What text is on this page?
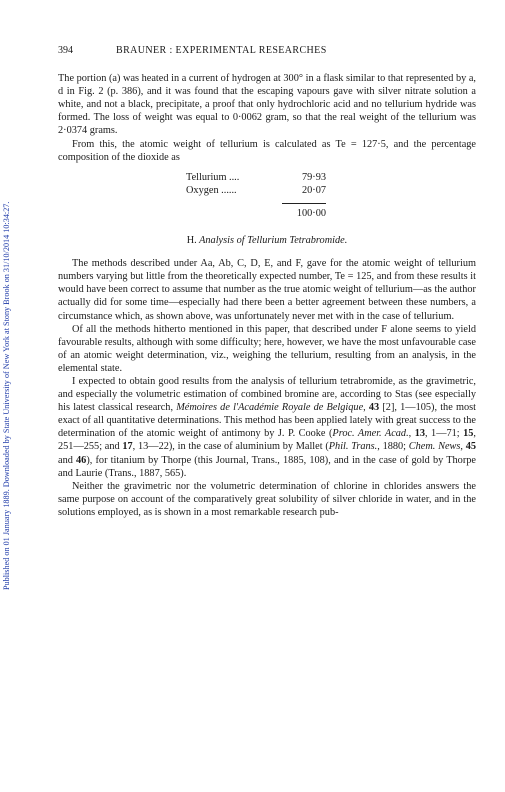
Published on 01 January 1889. Downloaded by State University of New York at Stony Brook on 31/10/2014 10:34:27.
394	BRAUNER : EXPERIMENTAL RESEARCHES

The portion (a) was heated in a current of hydrogen at 300° in a flask similar to that represented by a, d in Fig. 2 (p. 386), and it was found that the escaping vapours gave with silver nitrate solution a white, and not a black, precipitate, a proof that only hydrochloric acid and no tellurium hydride was formed. The loss of weight was equal to 0·0062 gram, so that the real weight of the tellurium was 2·0374 grams.

From this, the atomic weight of tellurium is calculated as Te = 127·5, and the percentage composition of the dioxide as

Tellurium ....	79·93
Oxygen ......	20·07
100·00
H. Analysis of Tellurium Tetrabromide.

The methods described under Aa, Ab, C, D, E, and F, gave for the atomic weight of tellurium numbers varying but little from the theoretically expected number, Te = 125, and from these results it would have been correct to assume that number as the true atomic weight of tellurium—as the author actually did for some time—especially had there been a better agreement between these numbers, a circumstance which, as shown above, was unfortunately never met with in the case of tellurium.

Of all the methods hitherto mentioned in this paper, that described under F alone seems to yield favourable results, although with some difficulty; here, however, we have the most unfavourable case of an atomic weight determination, viz., weighing the tellurium, resulting from an analysis, in the elemental state.

I expected to obtain good results from the analysis of tellurium tetrabromide, as the gravimetric, and especially the volumetric estimation of combined bromine are, according to Stas (see especially his latest classical research, Mémoires de l'Académie Royale de Belgique, 43 [2], 1—105), the most exact of all quantitative determinations. This method has been applied lately with great success to the determination of the atomic weight of antimony by J. P. Cooke (Proc. Amer. Acad., 13, 1—71; 15, 251—255; and 17, 13—22), in the case of aluminium by Mallet (Phil. Trans., 1880; Chem. News, 45 and 46), for titanium by Thorpe (this Journal, Trans., 1885, 108), and in the case of gold by Thorpe and Laurie (Trans., 1887, 565).

Neither the gravimetric nor the volumetric determination of chlorine in chlorides answers the same purpose on account of the comparatively great solubility of silver chloride in water, and in the solutions employed, as is shown in a most remarkable research pub-
